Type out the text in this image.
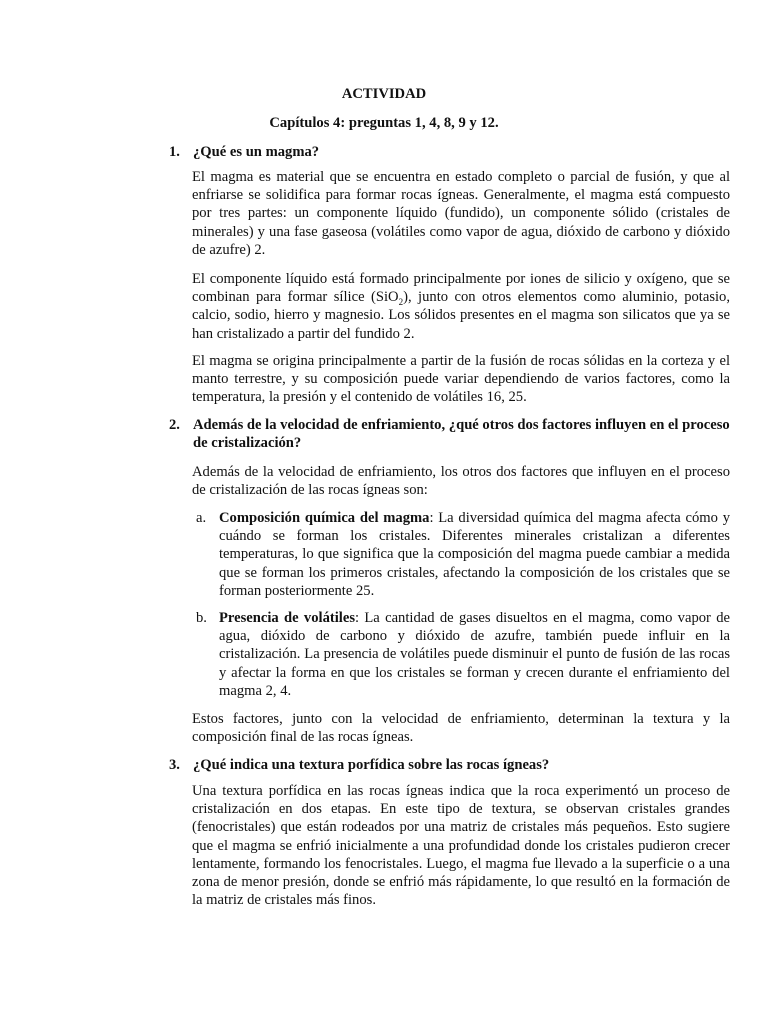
ACTIVIDAD
Capítulos 4: preguntas 1, 4, 8, 9 y 12.
1. ¿Qué es un magma?
El magma es material que se encuentra en estado completo o parcial de fusión, y que al enfriarse se solidifica para formar rocas ígneas. Generalmente, el magma está compuesto por tres partes: un componente líquido (fundido), un componente sólido (cristales de minerales) y una fase gaseosa (volátiles como vapor de agua, dióxido de carbono y dióxido de azufre) 2.
El componente líquido está formado principalmente por iones de silicio y oxígeno, que se combinan para formar sílice (SiO$_2$), junto con otros elementos como aluminio, potasio, calcio, sodio, hierro y magnesio. Los sólidos presentes en el magma son silicatos que ya se han cristalizado a partir del fundido 2.
El magma se origina principalmente a partir de la fusión de rocas sólidas en la corteza y el manto terrestre, y su composición puede variar dependiendo de varios factores, como la temperatura, la presión y el contenido de volátiles 16, 25.
2. Además de la velocidad de enfriamiento, ¿qué otros dos factores influyen en el proceso de cristalización?
Además de la velocidad de enfriamiento, los otros dos factores que influyen en el proceso de cristalización de las rocas ígneas son:
a. Composición química del magma: La diversidad química del magma afecta cómo y cuándo se forman los cristales. Diferentes minerales cristalizan a diferentes temperaturas, lo que significa que la composición del magma puede cambiar a medida que se forman los primeros cristales, afectando la composición de los cristales que se forman posteriormente 25.
b. Presencia de volátiles: La cantidad de gases disueltos en el magma, como vapor de agua, dióxido de carbono y dióxido de azufre, también puede influir en la cristalización. La presencia de volátiles puede disminuir el punto de fusión de las rocas y afectar la forma en que los cristales se forman y crecen durante el enfriamiento del magma 2, 4.
Estos factores, junto con la velocidad de enfriamiento, determinan la textura y la composición final de las rocas ígneas.
3. ¿Qué indica una textura porfídica sobre las rocas ígneas?
Una textura porfídica en las rocas ígneas indica que la roca experimentó un proceso de cristalización en dos etapas. En este tipo de textura, se observan cristales grandes (fenocristales) que están rodeados por una matriz de cristales más pequeños. Esto sugiere que el magma se enfrió inicialmente a una profundidad donde los cristales pudieron crecer lentamente, formando los fenocristales. Luego, el magma fue llevado a la superficie o a una zona de menor presión, donde se enfrió más rápidamente, lo que resultó en la formación de la matriz de cristales más finos.
